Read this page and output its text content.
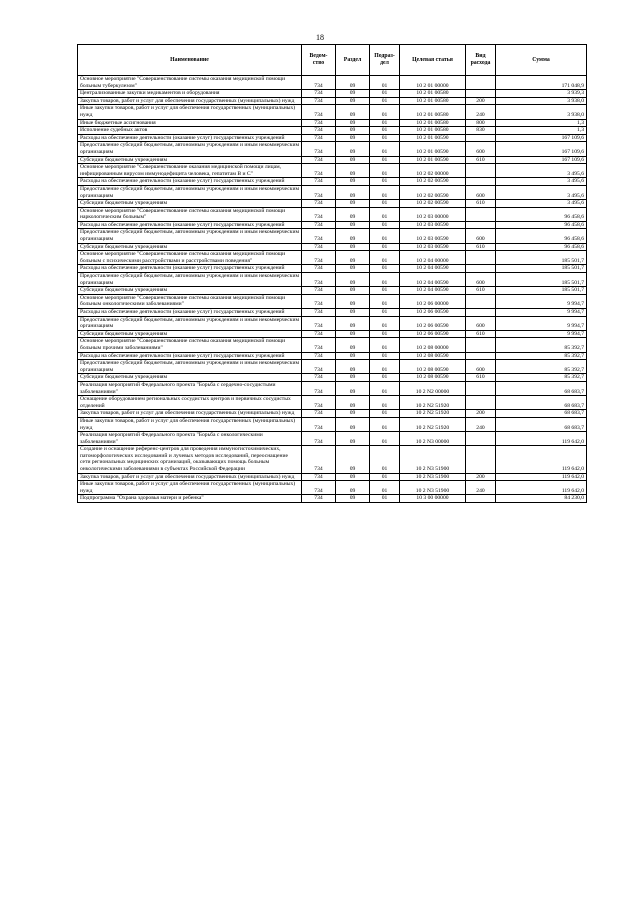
18
Наименование	Ведом-ство	Раздел	Подраз-дел	Целевая статья	Вид расхода	Сумма
Основное мероприятие "Совершенствование системы оказания медицинской помощи больным туберкулезом"	734	09	01	10 2 01 00000		171 048,9
Централизованные закупки медикаментов и оборудования	734	09	01	10 2 01 00580		3 939,3
Закупка товаров, работ и услуг для обеспечения государственных (муниципальных) нужд	734	09	01	10 2 01 00580	200	3 938,0
Иные закупки товаров, работ и услуг для обеспечения государственных (муниципальных) нужд	734	09	01	10 2 01 00580	240	3 938,0
Иные бюджетные ассигнования	734	09	01	10 2 01 00580	800	1,3
Исполнение судебных актов	734	09	01	10 2 01 00580	830	1,3
Расходы на обеспечение деятельности (оказание услуг) государственных учреждений	734	09	01	10 2 01 00590		167 109,6
Предоставление субсидий бюджетным, автономным учреждениям и иным некоммерческим организациям	734	09	01	10 2 01 00590	600	167 109,6
Субсидии бюджетным учреждениям	734	09	01	10 2 01 00590	610	167 109,6
Основное мероприятие "Совершенствование оказания медицинской помощи лицам, инфицированным вирусом иммунодефицита человека, гепатитам В и С"	734	09	01	10 2 02 00000		3 495,6
Расходы на обеспечение деятельности (оказание услуг) государственных учреждений	734	09	01	10 2 02 00590		3 495,6
Предоставление субсидий бюджетным, автономным учреждениям и иным некоммерческим организациям	734	09	01	10 2 02 00590	600	3 495,6
Субсидии бюджетным учреждениям	734	09	01	10 2 02 00590	610	3 495,6
Основное мероприятие "Совершенствование системы оказания медицинской помощи наркологическим больным"	734	09	01	10 2 03 00000		96 458,6
Расходы на обеспечение деятельности (оказание услуг) государственных учреждений	734	09	01	10 2 03 00590		96 458,6
Предоставление субсидий бюджетным, автономным учреждениям и иным некоммерческим организациям	734	09	01	10 2 03 00590	600	96 458,6
Субсидии бюджетным учреждениям	734	09	01	10 2 03 00590	610	96 458,6
Основное мероприятие "Совершенствование системы оказания медицинской помощи больным с психическими расстройствами и расстройствами поведения"	734	09	01	10 2 04 00000		185 501,7
Расходы на обеспечение деятельности (оказание услуг) государственных учреждений	734	09	01	10 2 04 00590		185 501,7
Предоставление субсидий бюджетным, автономным учреждениям и иным некоммерческим организациям	734	09	01	10 2 04 00590	600	185 501,7
Субсидии бюджетным учреждениям	734	09	01	10 2 04 00590	610	185 501,7
Основное мероприятие "Совершенствование системы оказания медицинской помощи больным онкологическими заболеваниями"	734	09	01	10 2 06 00000		9 994,7
Расходы на обеспечение деятельности (оказание услуг) государственных учреждений	734	09	01	10 2 06 00590		9 994,7
Предоставление субсидий бюджетным, автономным учреждениям и иным некоммерческим организациям	734	09	01	10 2 06 00590	600	9 994,7
Субсидии бюджетным учреждениям	734	09	01	10 2 06 00590	610	9 994,7
Основное мероприятие "Совершенствование системы оказания медицинской помощи больным прочими заболеваниями"	734	09	01	10 2 08 00000		85 392,7
Расходы на обеспечение деятельности (оказание услуг) государственных учреждений	734	09	01	10 2 08 00590		85 392,7
Предоставление субсидий бюджетным, автономным учреждениям и иным некоммерческим организациям	734	09	01	10 2 08 00590	600	85 392,7
Субсидии бюджетным учреждениям	734	09	01	10 2 08 00590	610	85 392,7
Реализация мероприятий Федерального проекта "Борьба с сердечно-сосудистыми заболеваниями"	734	09	01	10 2 N2 00000		68 683,7
Оснащение оборудованием региональных сосудистых центров и первичных сосудистых отделений	734	09	01	10 2 N2 51920		68 683,7
Закупка товаров, работ и услуг для обеспечения государственных (муниципальных) нужд	734	09	01	10 2 N2 51920	200	68 683,7
Иные закупки товаров, работ и услуг для обеспечения государственных (муниципальных) нужд	734	09	01	10 2 N2 51920	240	68 683,7
Реализация мероприятий Федерального проекта "Борьба с онкологическими заболеваниями"	734	09	01	10 2 N3 00000		119 642,0
Создание и оснащение референс-центров для проведения иммуногистохимических, патоморфологических исследований и лучевых методов исследований, переоснащение сети региональных медицинских организаций, оказывающих помощь больным онкологическими заболеваниями в субъектах Российской Федерации	734	09	01	10 2 N3 51900		119 642,0
Закупка товаров, работ и услуг для обеспечения государственных (муниципальных) нужд	734	09	01	10 2 N3 51900	200	119 642,0
Иные закупки товаров, работ и услуг для обеспечения государственных (муниципальных) нужд	734	09	01	10 2 N3 51900	240	119 642,0
Подпрограмма "Охрана здоровья матери и ребенка"	734	09	01	10 3 00 00000		84 230,0
